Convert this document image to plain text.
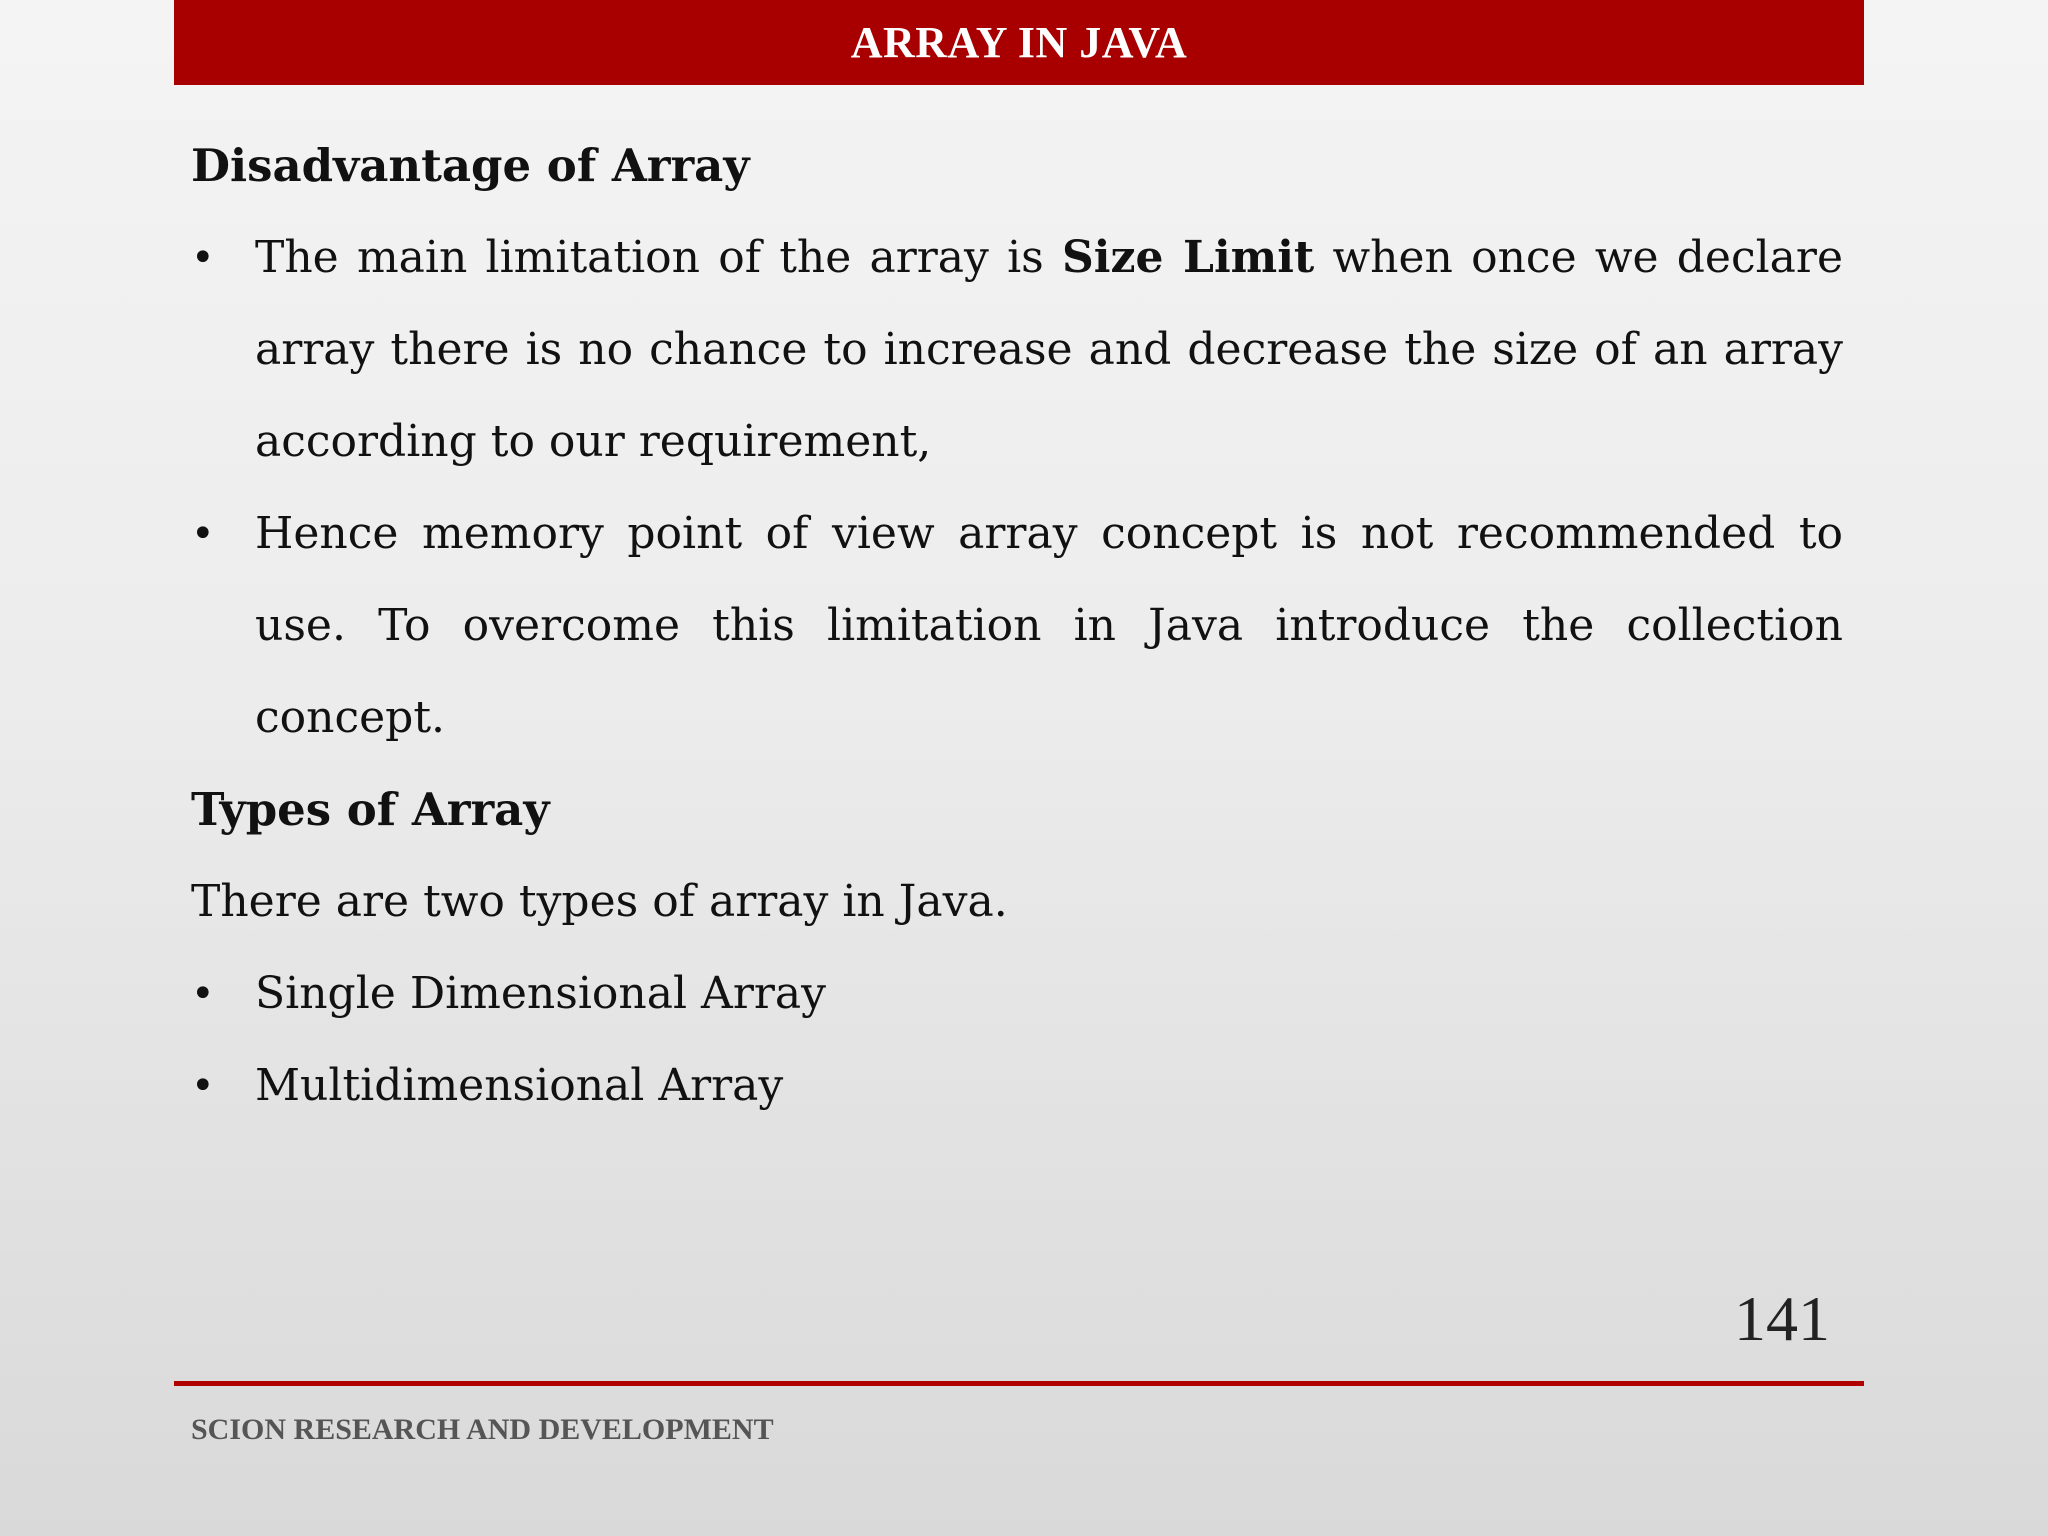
ARRAY IN JAVA
Disadvantage of Array
• The main limitation of the array is Size Limit when once we declare array there is no chance to increase and decrease the size of an array according to our requirement,
• Hence memory point of view array concept is not recommended to use. To overcome this limitation in Java introduce the collection concept.
Types of Array
There are two types of array in Java.
• Single Dimensional Array
• Multidimensional Array
141
SCION RESEARCH AND DEVELOPMENT
